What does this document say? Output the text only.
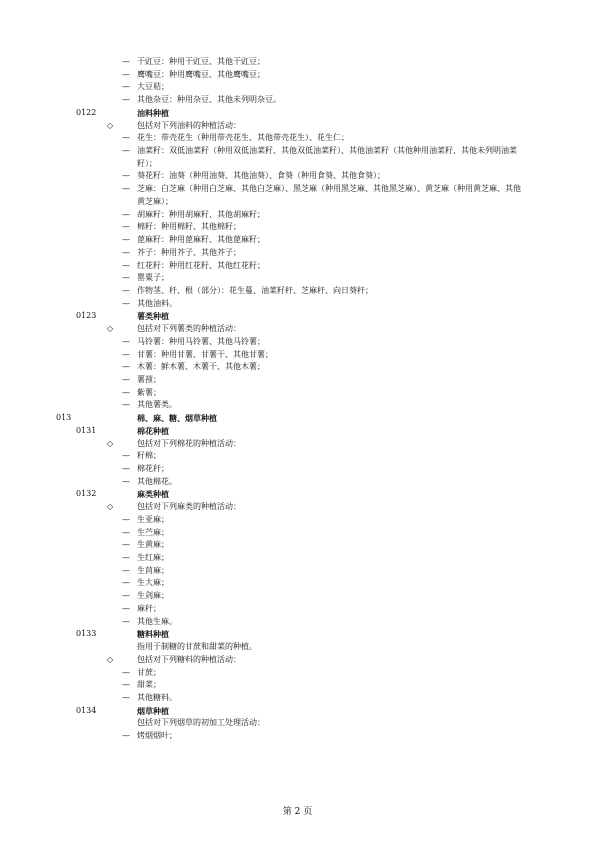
— 干豇豆：种用干豇豆、其他干豇豆；
— 鹰嘴豆：种用鹰嘴豆、其他鹰嘴豆；
— 大豆秸；
— 其他杂豆：种用杂豆、其他未列明杂豆。
0122	油料种植
◇	包括对下列油料的种植活动：
— 花生：带壳花生（种用带壳花生、其他带壳花生）、花生仁；
— 油菜籽：双低油菜籽（种用双低油菜籽、其他双低油菜籽）、其他油菜籽（其他种用油菜籽、其他未列明油菜籽）；
— 葵花籽：油葵（种用油葵、其他油葵）、食葵（种用食葵、其他食葵）；
— 芝麻：白芝麻（种用白芝麻、其他白芝麻）、黑芝麻（种用黑芝麻、其他黑芝麻）、黄芝麻（种用黄芝麻、其他黄芝麻）；
— 胡麻籽：种用胡麻籽、其他胡麻籽；
— 棉籽：种用棉籽、其他棉籽；
— 蓖麻籽：种用蓖麻籽、其他蓖麻籽；
— 芥子：种用芥子、其他芥子；
— 红花籽：种用红花籽、其他红花籽；
— 罂粟子；
— 作物茎、秆、根（部分）：花生蔓、油菜籽秆、芝麻秆、向日葵秆；
— 其他油料。
0123	薯类种植
◇	包括对下列薯类的种植活动：
— 马铃薯：种用马铃薯、其他马铃薯；
— 甘薯：种用甘薯、甘薯干、其他甘薯；
— 木薯：鲜木薯、木薯干、其他木薯；
— 薯蓣；
— 紫薯；
— 其他薯类。
013	棉、麻、糖、烟草种植
0131	棉花种植
◇	包括对下列棉花的种植活动：
— 籽棉；
— 棉花秆；
— 其他棉花。
0132	麻类种植
◇	包括对下列麻类的种植活动：
— 生亚麻；
— 生苎麻；
— 生黄麻；
— 生红麻；
— 生苘麻；
— 生大麻；
— 生剑麻；
— 麻秆；
— 其他生麻。
0133	糖料种植
指用于制糖的甘蔗和甜菜的种植。
◇	包括对下列糖料的种植活动：
— 甘蔗；
— 甜菜；
— 其他糖料。
0134	烟草种植
包括对下列烟草的初加工处理活动：
— 烤烟烟叶；
第 2 页
